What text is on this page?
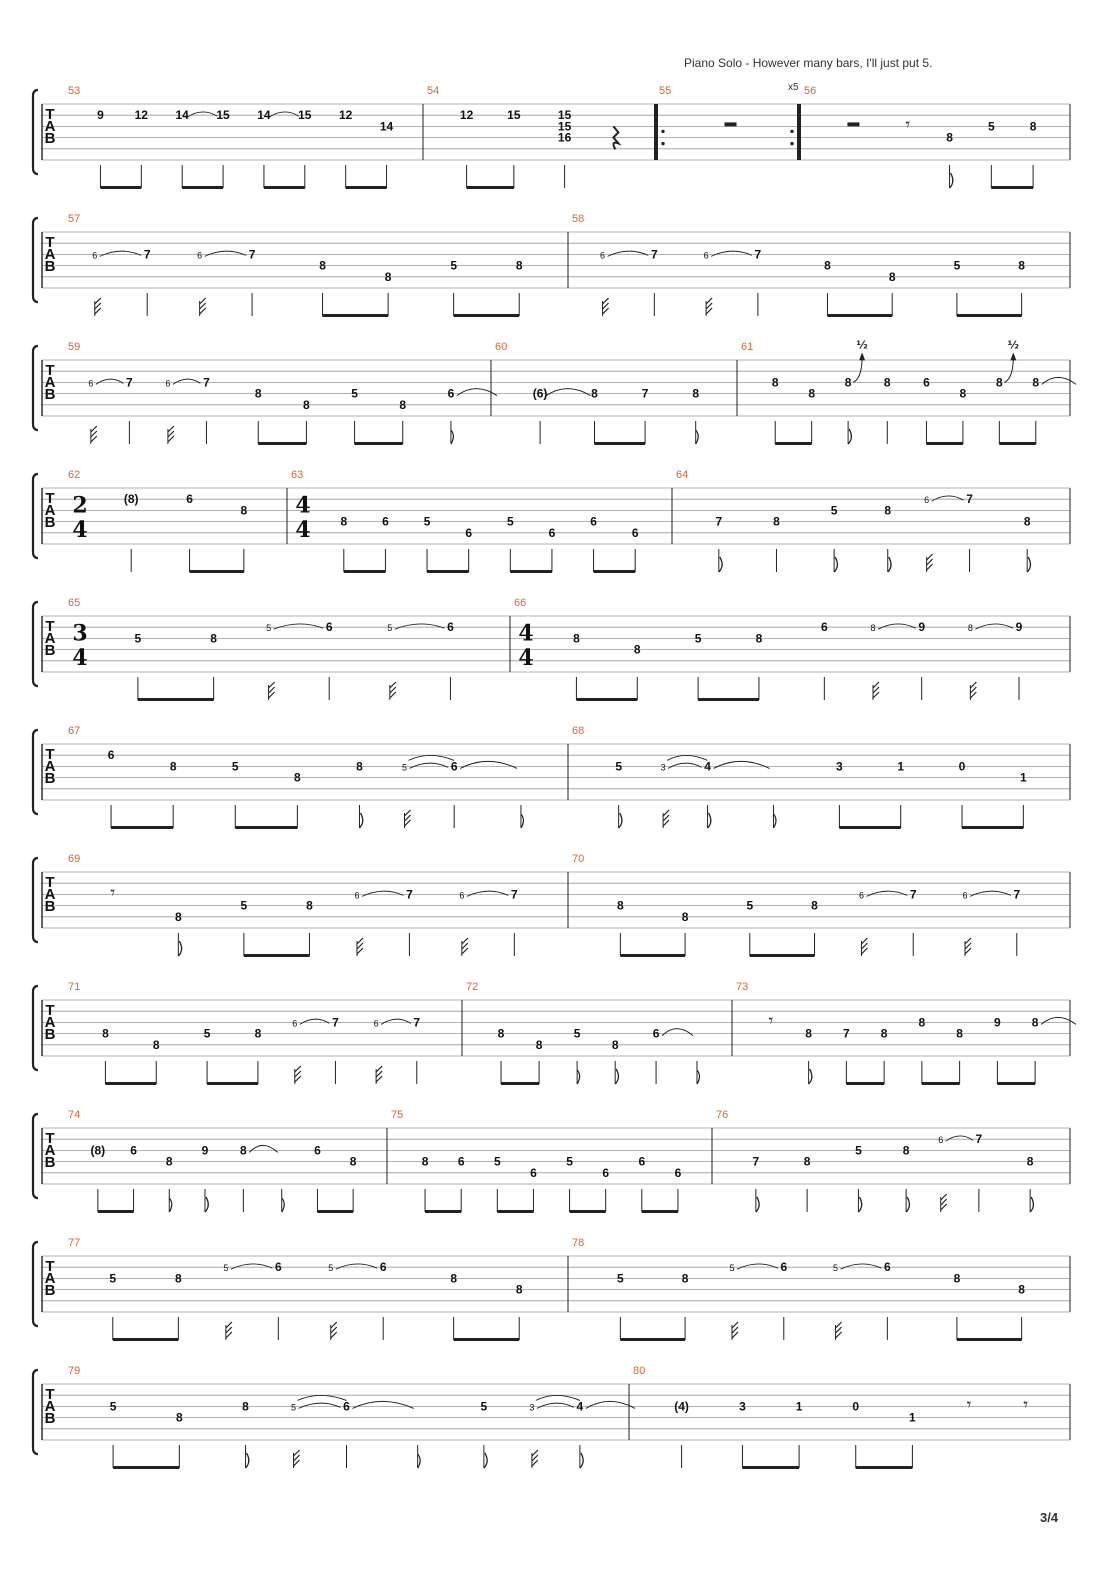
Piano Solo - However many bars, I'll just put 5.
T
A
B
53
9	12 14 15 14 15 12
14
54
12	15	15
15
16
55	x5 56
𝄾
8
5	8
T
A
B
57
6	7	6	7
8
8
5	8
58
6	7	6	7
8
8
5	8
T
A
B
59
6	7	6	7
8
8
5
8
6
60
(6)	8	7	8
61
8
8
8
½
8	6
8
8
½
8
T
A
B
62
2
4
(8)	6
8
63
4
4 8	6	5
6
5
6
6
6
64
7	8
5	8
6	7
8
T
A
B
65
3
4
5	8
5	6	5	6
66
4
4
8
8
5	8
6	8	9	8	9
T
A
B
67
6
8	5
8
8	5	6
68
5	3	4	3	1	0
1
T
A
B
69
𝄾
8
5	8
6	7	6	7
70
8
8
5	8
6	7	6	7
T
A
B
71
8
8
5	8
6	7	6	7
72
8
8
5
8
6
73
𝄾
8	7	8
8
8
9	8
T
A
B
74
(8) 6
8
9	8	6
8
75
8 6 5
6
5
6
6
6
76
7	8
5	8
6	7
8
T
A
B
77
5	8
5	6	5	6
8
8
78
5	8
5	6	5	6
8
8
T
A
B
79
5
8
8	5	6	5	3	4
80
(4)	3	1	0
1
𝄾	𝄾
3/4
